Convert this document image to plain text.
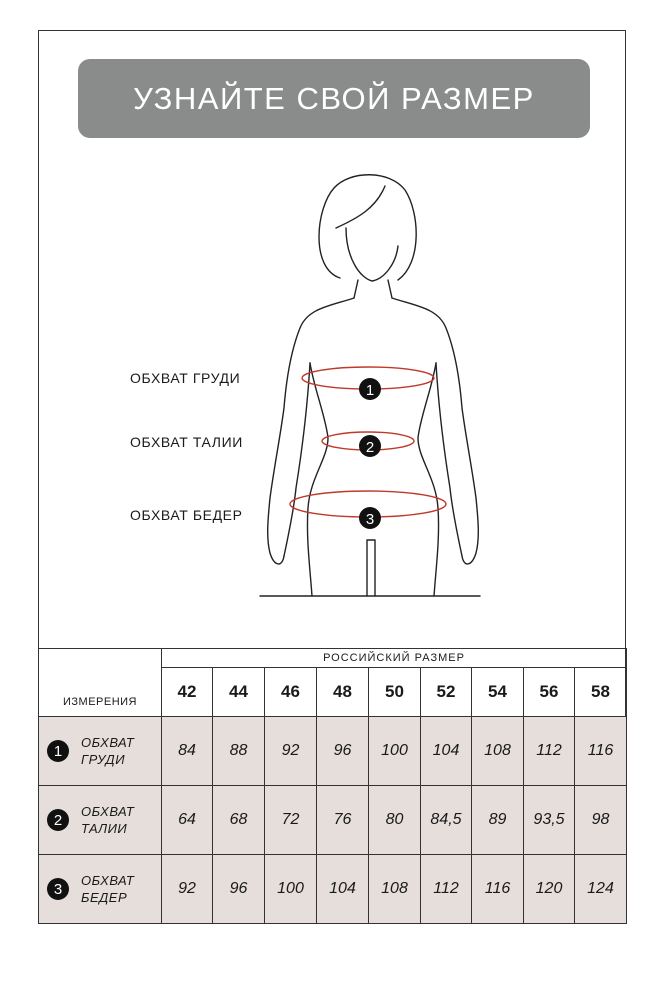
УЗНАЙТЕ СВОЙ РАЗМЕР
1
2
3
ОБХВАТ ГРУДИ
ОБХВАТ ТАЛИИ
ОБХВАТ БЕДЕР
ИЗМЕРЕНИЯ	РОССИЙСКИЙ РАЗМЕР								
	42	44	46	48	50	52	54	56	58

1 ОБХВАТ
ГРУДИ	84	88	92	96	100	104	108	112	116

2 ОБХВАТ
ТАЛИИ	64	68	72	76	80	84,5	89	93,5	98

3 ОБХВАТ
БЕДЕР	92	96	100	104	108	112	116	120	124
